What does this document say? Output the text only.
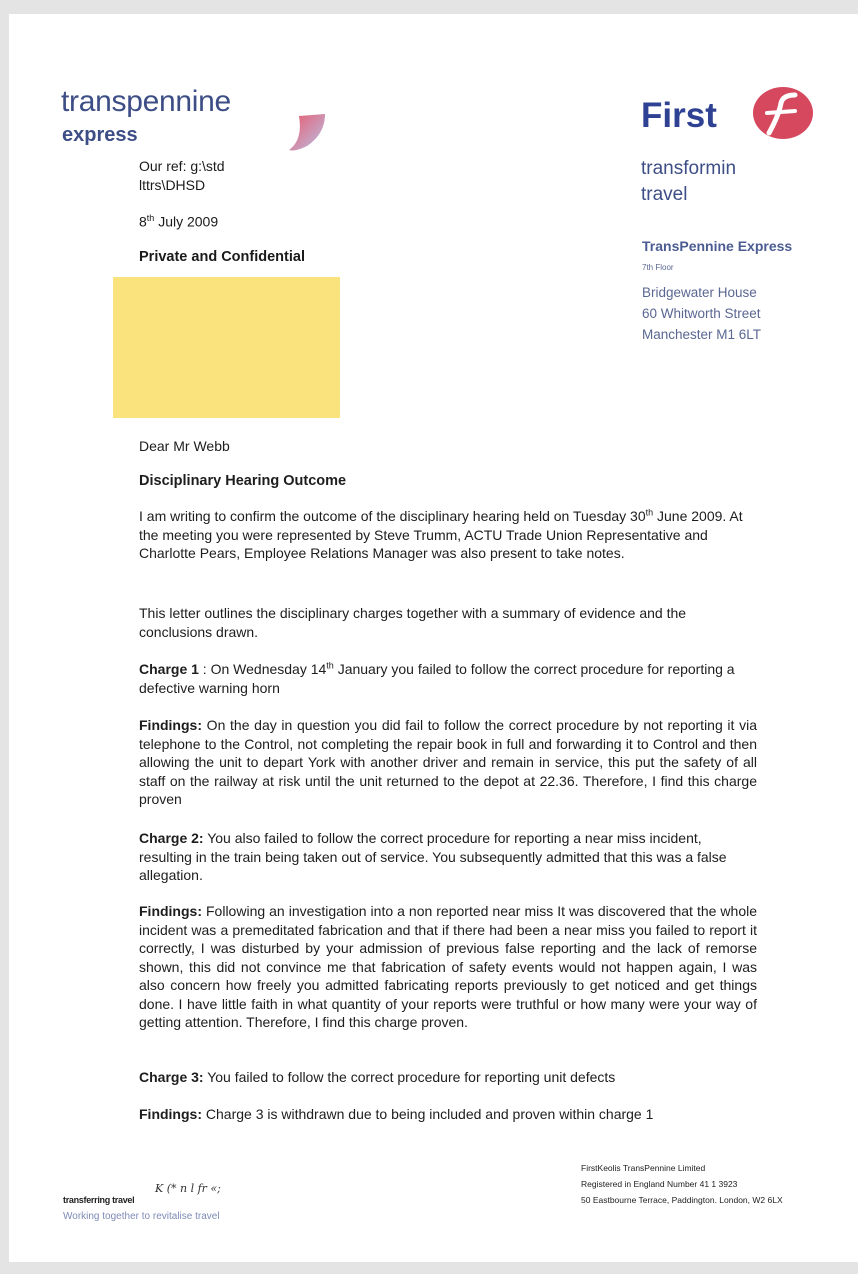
transpennine
express	First
transformin
travel
TransPennine Express
7th Floor
Bridgewater House
60 Whitworth Street
Manchester M1 6LT
Our ref: g:\std
lttrs\DHSD
8th July 2009
Private and Confidential
Dear Mr Webb
Disciplinary Hearing Outcome
I am writing to confirm the outcome of the disciplinary hearing held on Tuesday 30th June 2009. At the meeting you were represented by Steve Trumm, ACTU Trade Union Representative and Charlotte Pears, Employee Relations Manager was also present to take notes.
This letter outlines the disciplinary charges together with a summary of evidence and the conclusions drawn.
Charge 1 : On Wednesday 14th January you failed to follow the correct procedure for reporting a defective warning horn
Findings: On the day in question you did fail to follow the correct procedure by not reporting it via telephone to the Control, not completing the repair book in full and forwarding it to Control and then allowing the unit to depart York with another driver and remain in service, this put the safety of all staff on the railway at risk until the unit returned to the depot at 22.36. Therefore, I find this charge proven
Charge 2: You also failed to follow the correct procedure for reporting a near miss incident, resulting in the train being taken out of service. You subsequently admitted that this was a false allegation.
Findings: Following an investigation into a non reported near miss It was discovered that the whole incident was a premeditated fabrication and that if there had been a near miss you failed to report it correctly, I was disturbed by your admission of previous false reporting and the lack of remorse shown, this did not convince me that fabrication of safety events would not happen again, I was also concern how freely you admitted fabricating reports previously to get noticed and get things done. I have little faith in what quantity of your reports were truthful or how many were your way of getting attention. Therefore, I find this charge proven.
Charge 3: You failed to follow the correct procedure for reporting unit defects
Findings: Charge 3 is withdrawn due to being included and proven within charge 1
transferring travel
K (* n l fr «;
Working together to revitalise travel
FirstKeolis TransPennine Limited
Registered in England Number 41 1 3923
50 Eastbourne Terrace, Paddington. London, W2 6LX
